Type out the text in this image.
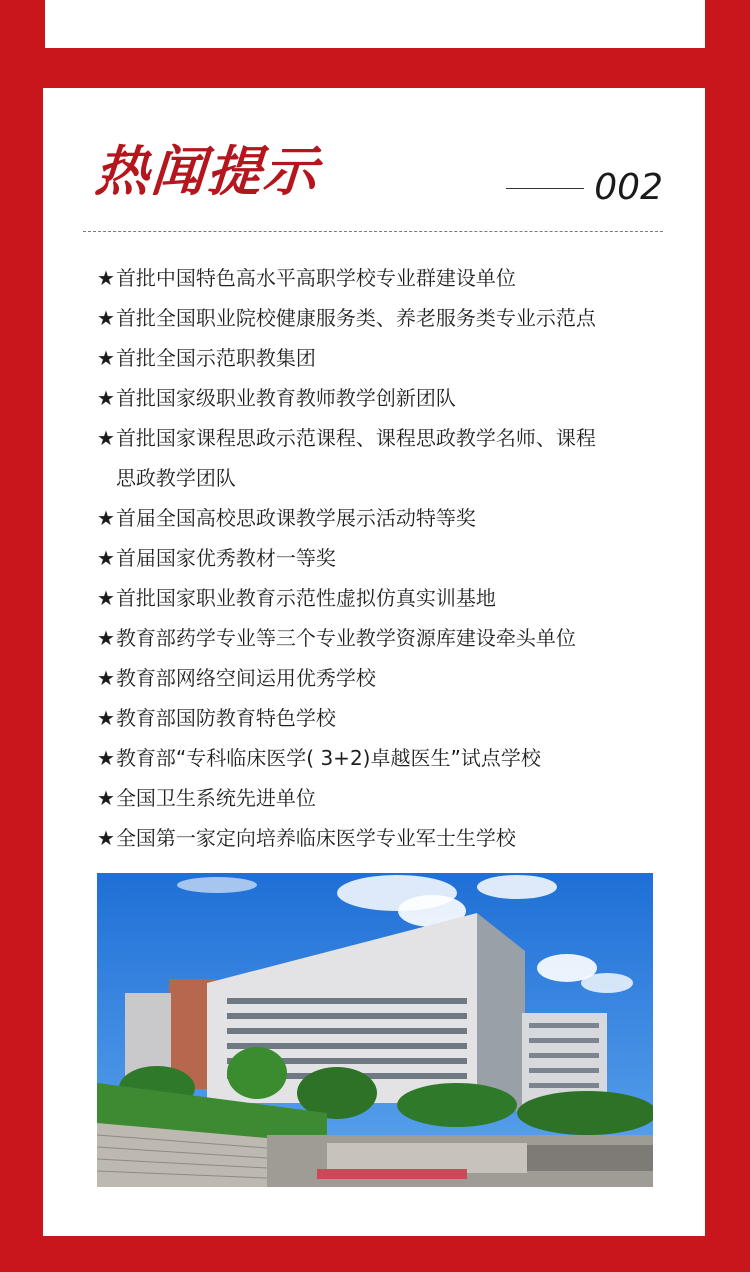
热闻提示	002
★ 首批中国特色高水平高职学校专业群建设单位
★ 首批全国职业院校健康服务类、养老服务类专业示范点
★ 首批全国示范职教集团
★ 首批国家级职业教育教师教学创新团队
★ 首批国家课程思政示范课程、课程思政教学名师、课程思政教学团队
★ 首届全国高校思政课教学展示活动特等奖
★ 首届国家优秀教材一等奖
★ 首批国家职业教育示范性虚拟仿真实训基地
★ 教育部药学专业等三个专业教学资源库建设牵头单位
★ 教育部网络空间运用优秀学校
★ 教育部国防教育特色学校
★ 教育部“专科临床医学( 3+2)卓越医生”试点学校
★ 全国卫生系统先进单位
★ 全国第一家定向培养临床医学专业军士生学校
